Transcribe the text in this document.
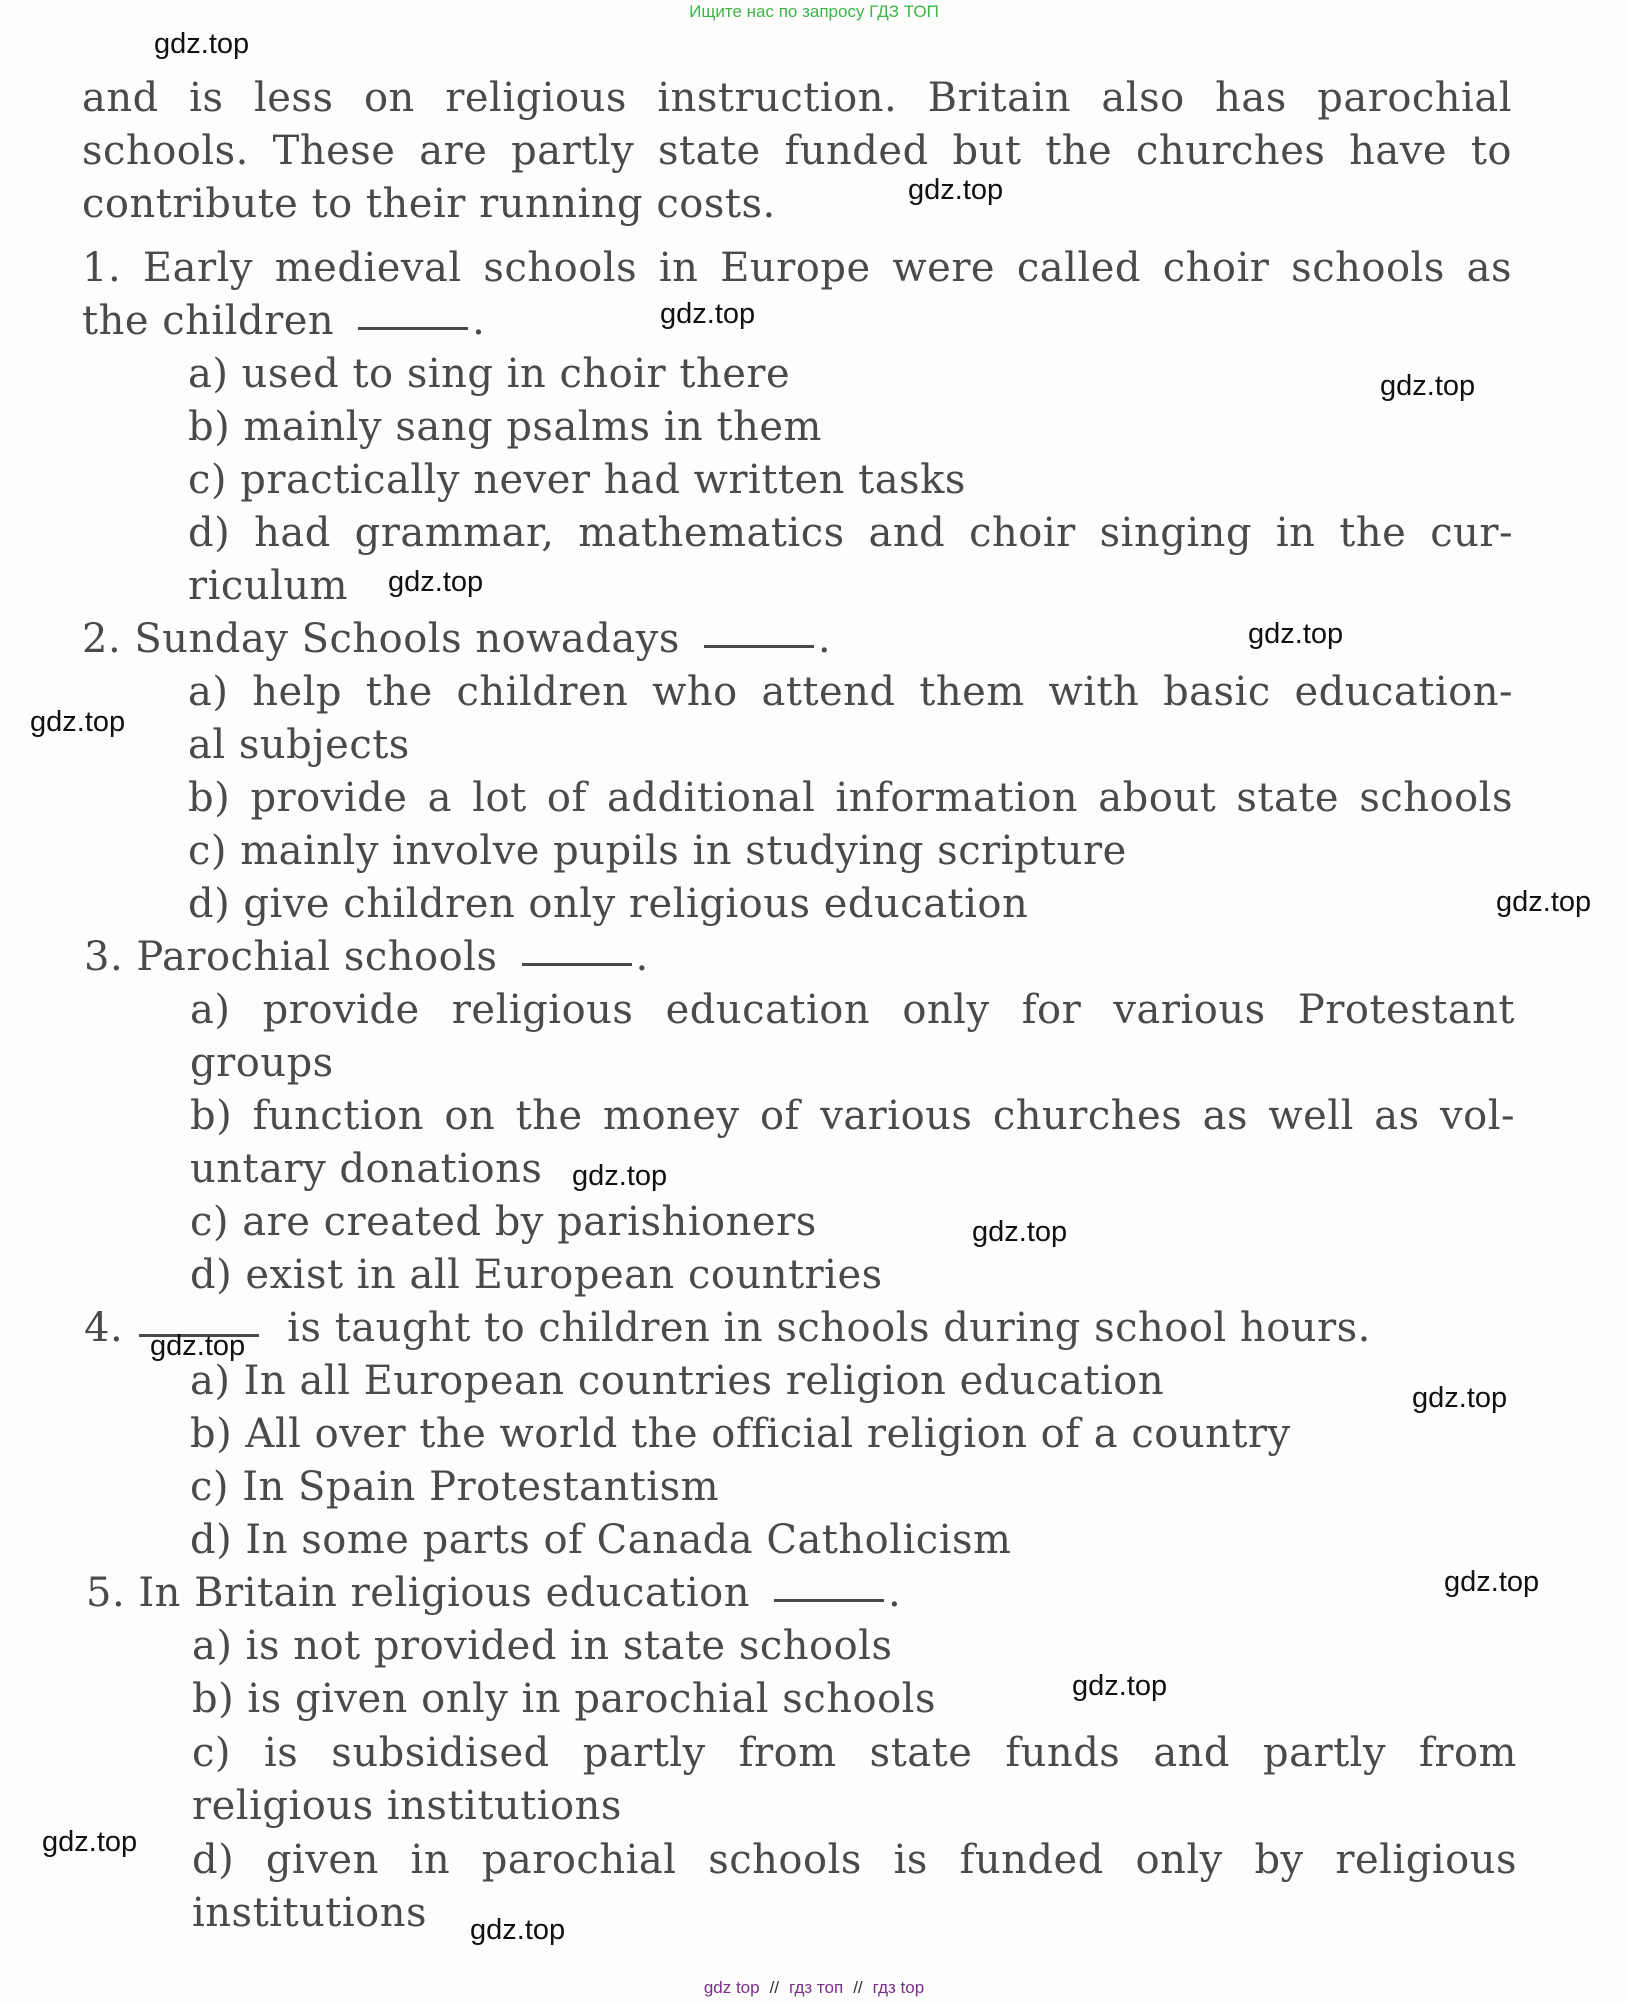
Ищите нас по запросу ГДЗ ТОП
and is less on religious instruction. Britain also has parochial
schools. These are partly state funded but the churches have to
contribute to their running costs.
1. Early medieval schools in Europe were called choir schools as
the children	.
a) used to sing in choir there
b) mainly sang psalms in them
c) practically never had written tasks
d) had grammar, mathematics and choir singing in the cur-
riculum
2. Sunday Schools nowadays	.
a) help the children who attend them with basic education-
al subjects
b) provide a lot of additional information about state schools
c) mainly involve pupils in studying scripture
d) give children only religious education
3. Parochial schools	.
a) provide religious education only for various Protestant
groups
b) function on the money of various churches as well as vol-
untary donations
c) are created by parishioners
d) exist in all European countries
4.	is taught to children in schools during school hours.
a) In all European countries religion education
b) All over the world the official religion of a country
c) In Spain Protestantism
d) In some parts of Canada Catholicism
5. In Britain religious education	.
a) is not provided in state schools
b) is given only in parochial schools
c) is subsidised partly from state funds and partly from
religious institutions
d) given in parochial schools is funded only by religious
institutions
gdz.top
gdz.top
gdz.top
gdz.top
gdz.top
gdz.top
gdz.top
gdz.top
gdz.top
gdz.top
gdz.top
gdz.top
gdz.top
gdz.top
gdz.top
gdz.top
gdz top // гдз топ // гдз top
